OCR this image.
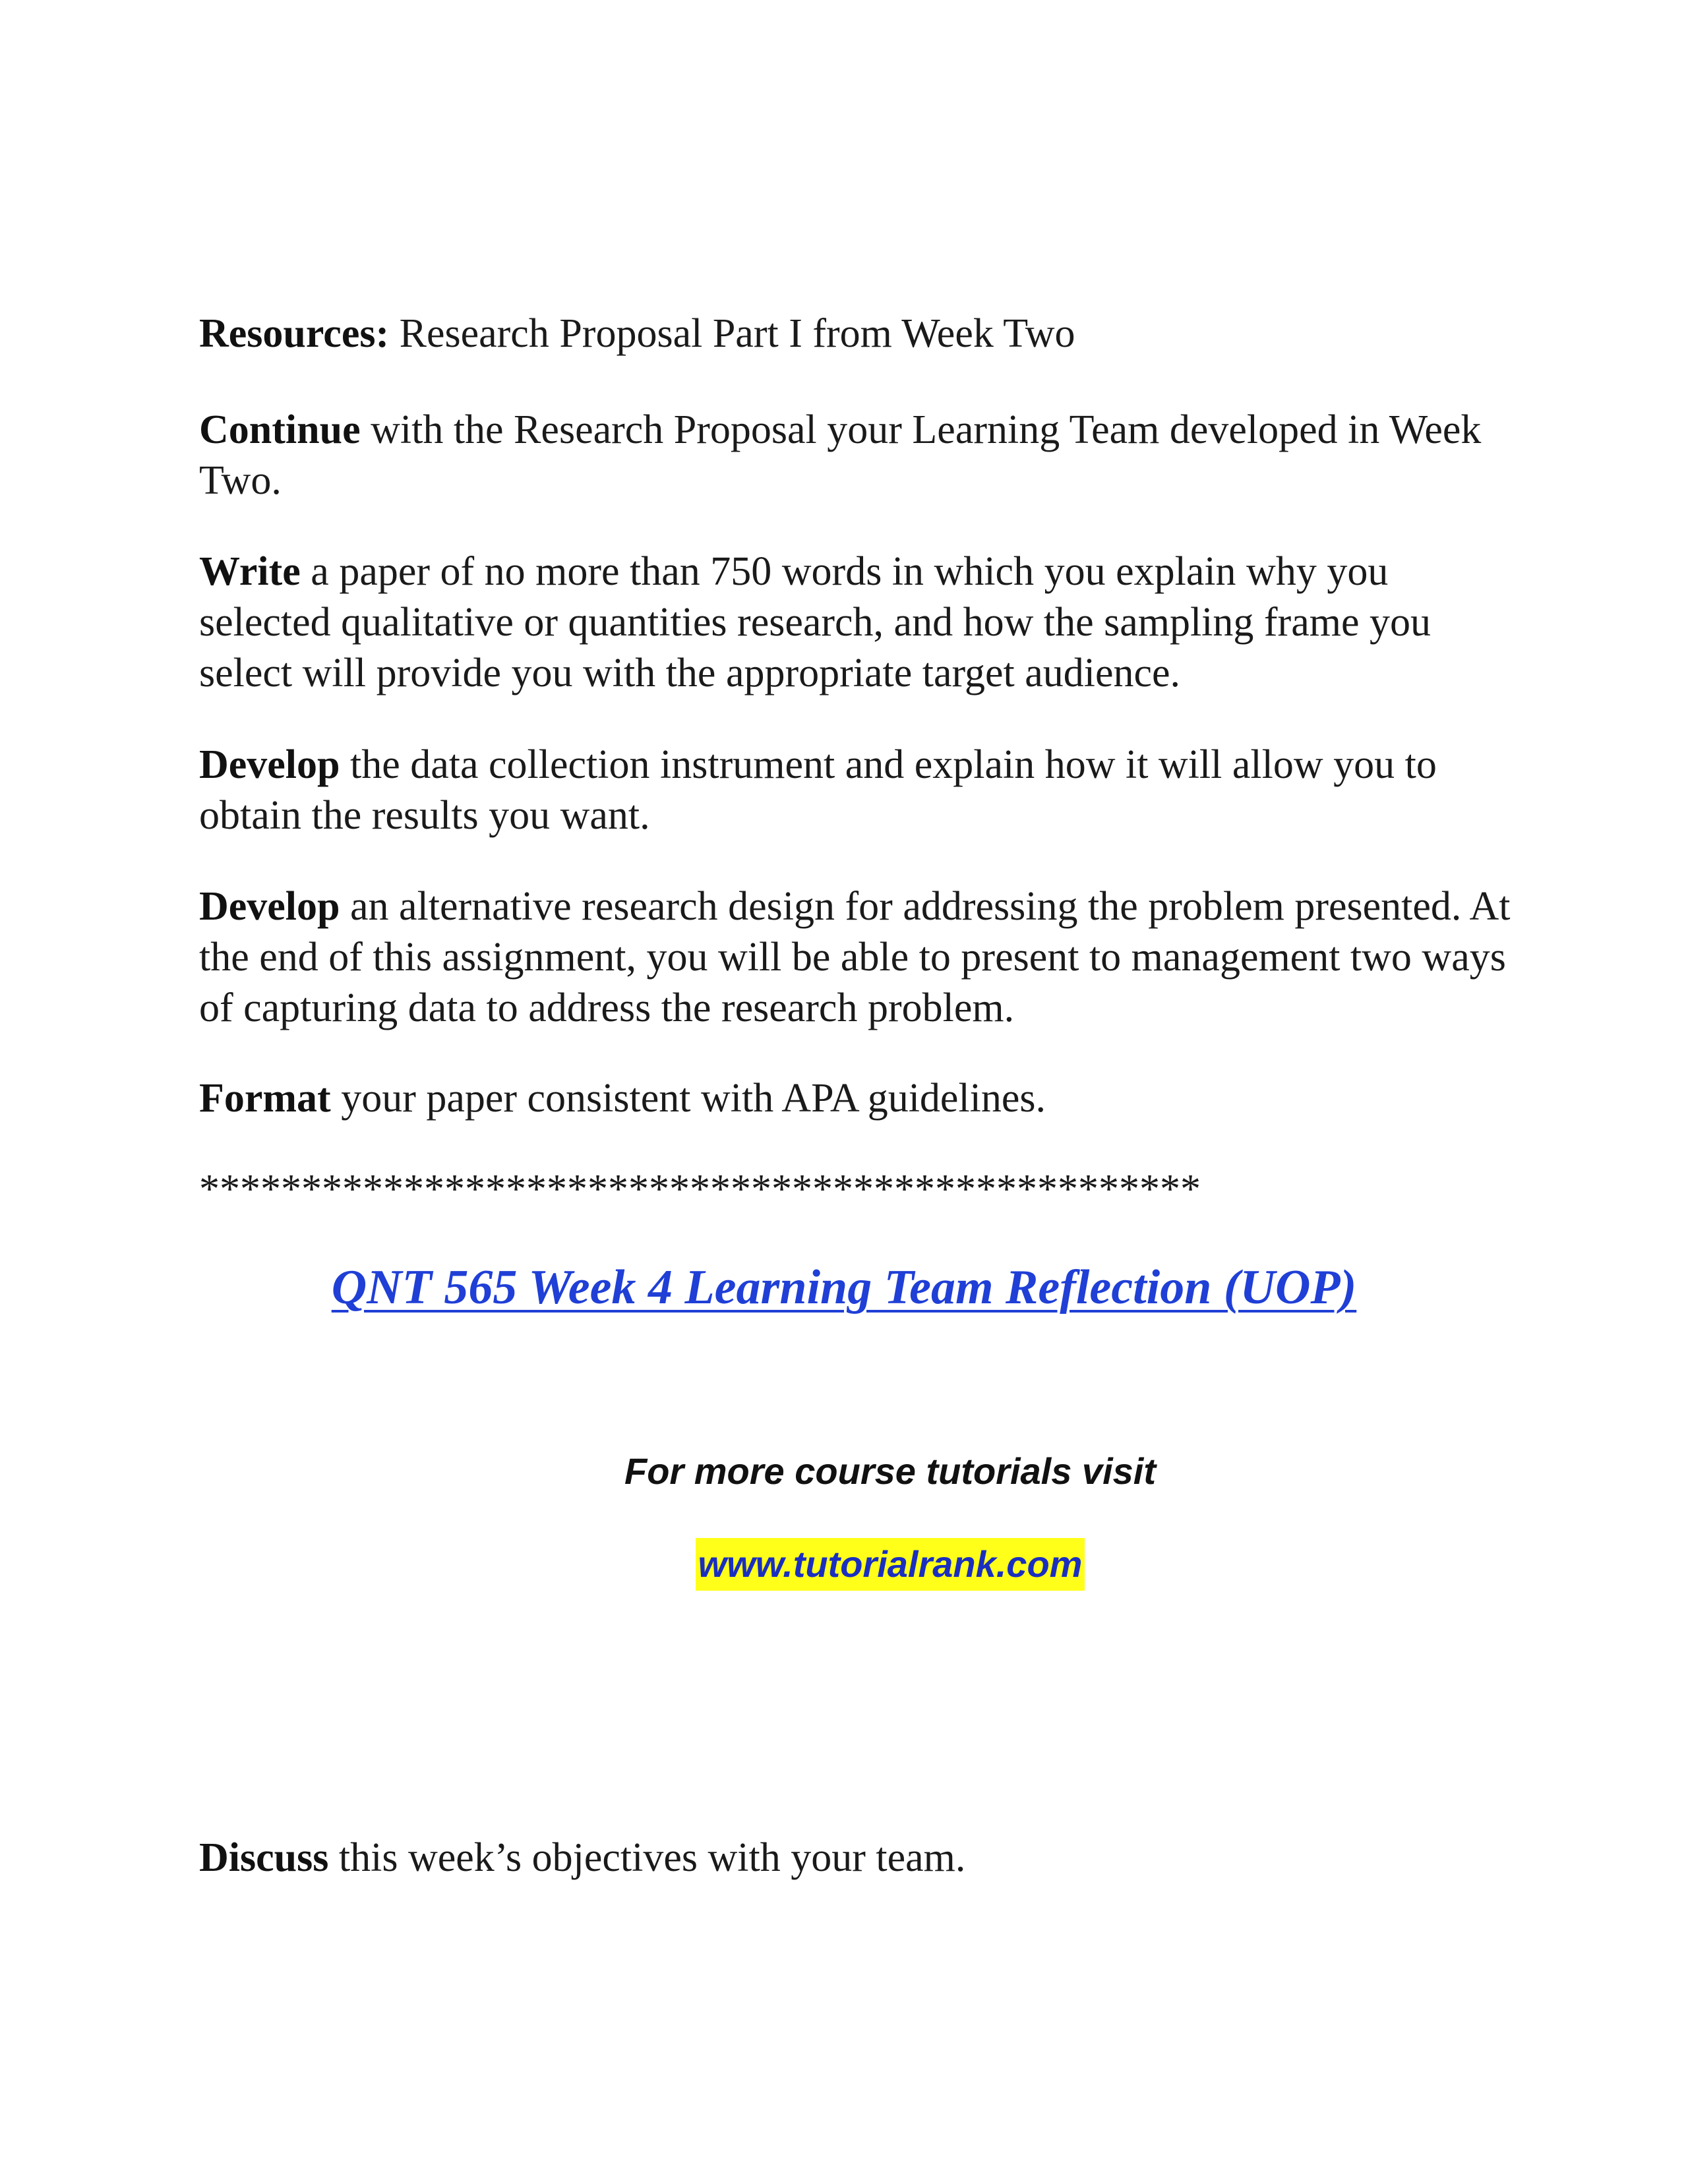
Resources: Research Proposal Part I from Week Two

Continue with the Research Proposal your Learning Team developed in Week Two.

Write a paper of no more than 750 words in which you explain why you selected qualitative or quantities research, and how the sampling frame you select will provide you with the appropriate target audience.

Develop the data collection instrument and explain how it will allow you to obtain the results you want.

Develop an alternative research design for addressing the problem presented. At the end of this assignment, you will be able to present to management two ways of capturing data to address the research problem.

Format your paper consistent with APA guidelines.

*************************************************
QNT 565 Week 4 Learning Team Reflection (UOP)
For more course tutorials visit
www.tutorialrank.com

Discuss this week’s objectives with your team.
